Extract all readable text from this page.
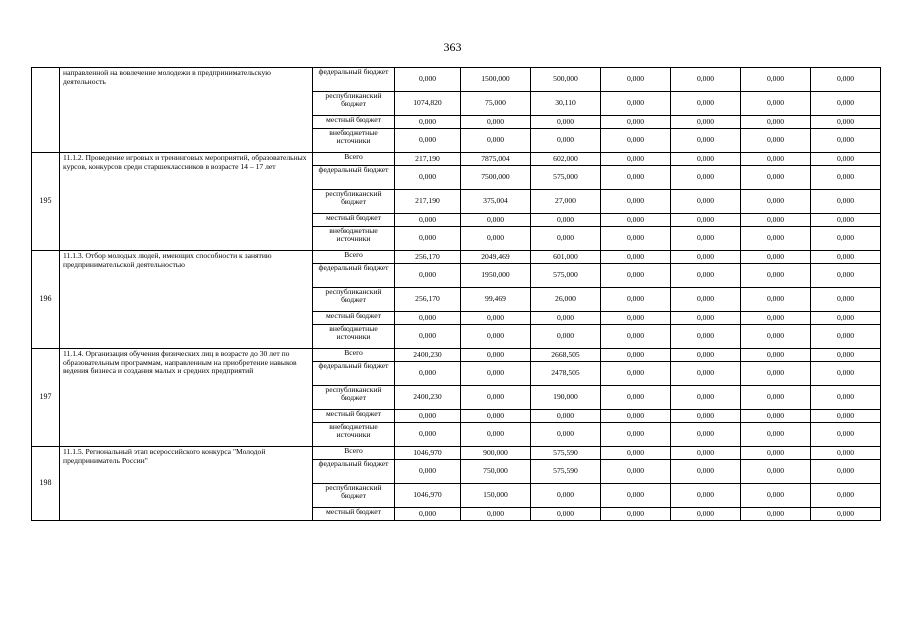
363
	направленной на вовлечение молодежи в предпринимательскую деятельность	федеральный бюджет	0,000	1500,000	500,000	0,000	0,000	0,000	0,000
		республиканский бюджет	1074,820	75,000	30,110	0,000	0,000	0,000	0,000
		местный бюджет	0,000	0,000	0,000	0,000	0,000	0,000	0,000
		внебюджетные источники	0,000	0,000	0,000	0,000	0,000	0,000	0,000
195	11.1.2. Проведение игровых и тренинговых мероприятий, образовательных курсов, конкурсов среди старшеклассников в возрасте 14 – 17 лет	Всего	217,190	7875,004	602,000	0,000	0,000	0,000	0,000
		федеральный бюджет	0,000	7500,000	575,000	0,000	0,000	0,000	0,000
		республиканский бюджет	217,190	375,004	27,000	0,000	0,000	0,000	0,000
		местный бюджет	0,000	0,000	0,000	0,000	0,000	0,000	0,000
		внебюджетные источники	0,000	0,000	0,000	0,000	0,000	0,000	0,000
196	11.1.3. Отбор молодых людей, имеющих способности к занятию предпринимательской деятельностью	Всего	256,170	2049,469	601,000	0,000	0,000	0,000	0,000
		федеральный бюджет	0,000	1950,000	575,000	0,000	0,000	0,000	0,000
		республиканский бюджет	256,170	99,469	26,000	0,000	0,000	0,000	0,000
		местный бюджет	0,000	0,000	0,000	0,000	0,000	0,000	0,000
		внебюджетные источники	0,000	0,000	0,000	0,000	0,000	0,000	0,000
197	11.1.4. Организация обучения физических лиц в возрасте до 30 лет по образовательным программам, направленным на приобретение навыков ведения бизнеса и создания малых и средних предприятий	Всего	2400,230	0,000	2668,505	0,000	0,000	0,000	0,000
		федеральный бюджет	0,000	0,000	2478,505	0,000	0,000	0,000	0,000
		республиканский бюджет	2400,230	0,000	190,000	0,000	0,000	0,000	0,000
		местный бюджет	0,000	0,000	0,000	0,000	0,000	0,000	0,000
		внебюджетные источники	0,000	0,000	0,000	0,000	0,000	0,000	0,000
198	11.1.5. Региональный этап всероссийского конкурса "Молодой предприниматель России"	Всего	1046,970	900,000	575,590	0,000	0,000	0,000	0,000
		федеральный бюджет	0,000	750,000	575,590	0,000	0,000	0,000	0,000
		республиканский бюджет	1046,970	150,000	0,000	0,000	0,000	0,000	0,000
		местный бюджет	0,000	0,000	0,000	0,000	0,000	0,000	0,000
